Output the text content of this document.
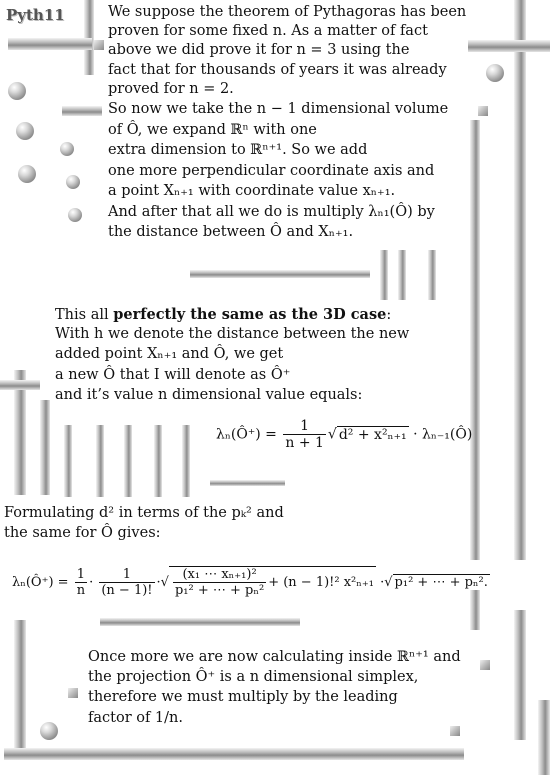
Pyth11	We suppose the theorem of Pythagoras has been
proven for some fixed n. As a matter of fact
above we did prove it for n = 3 using the
fact that for thousands of years it was already
proved for n = 2.
So now we take the n − 1 dimensional volume
of Ô, we expand ℝⁿ with one
extra dimension to ℝⁿ⁺¹. So we add
one more perpendicular coordinate axis and
a point Xₙ₊₁ with coordinate value xₙ₊₁.
And after that all we do is multiply λₙ₁(Ô) by
the distance between Ô and Xₙ₊₁.
This all perfectly the same as the 3D case:
With h we denote the distance between the new
added point Xₙ₊₁ and Ô, we get
a new Ô that I will denote as Ô⁺
and it’s value n dimensional value equals:
λₙ(Ô⁺) = $\frac{1}{n + 1}$ √ d² + x²ₙ₊₁ · λₙ₋₁(Ô)
Formulating d² in terms of the pₖ² and
the same for Ô gives:
λₙ(Ô⁺) = $\frac{1}{n} \cdot \frac{1}{(n - 1)!}$ ·√ $\frac{\text{(x₁ ⋯ xₙ₊₁)²}}{\text{p₁² + ⋯ + pₙ²}} + (n - 1)!^2$ x²ₙ₊₁ ·√ p₁² + ⋯ + pₙ².
Once more we are now calculating inside ℝⁿ⁺¹ and
the projection Ô⁺ is a n dimensional simplex,
therefore we must multiply by the leading
factor of 1/n.
